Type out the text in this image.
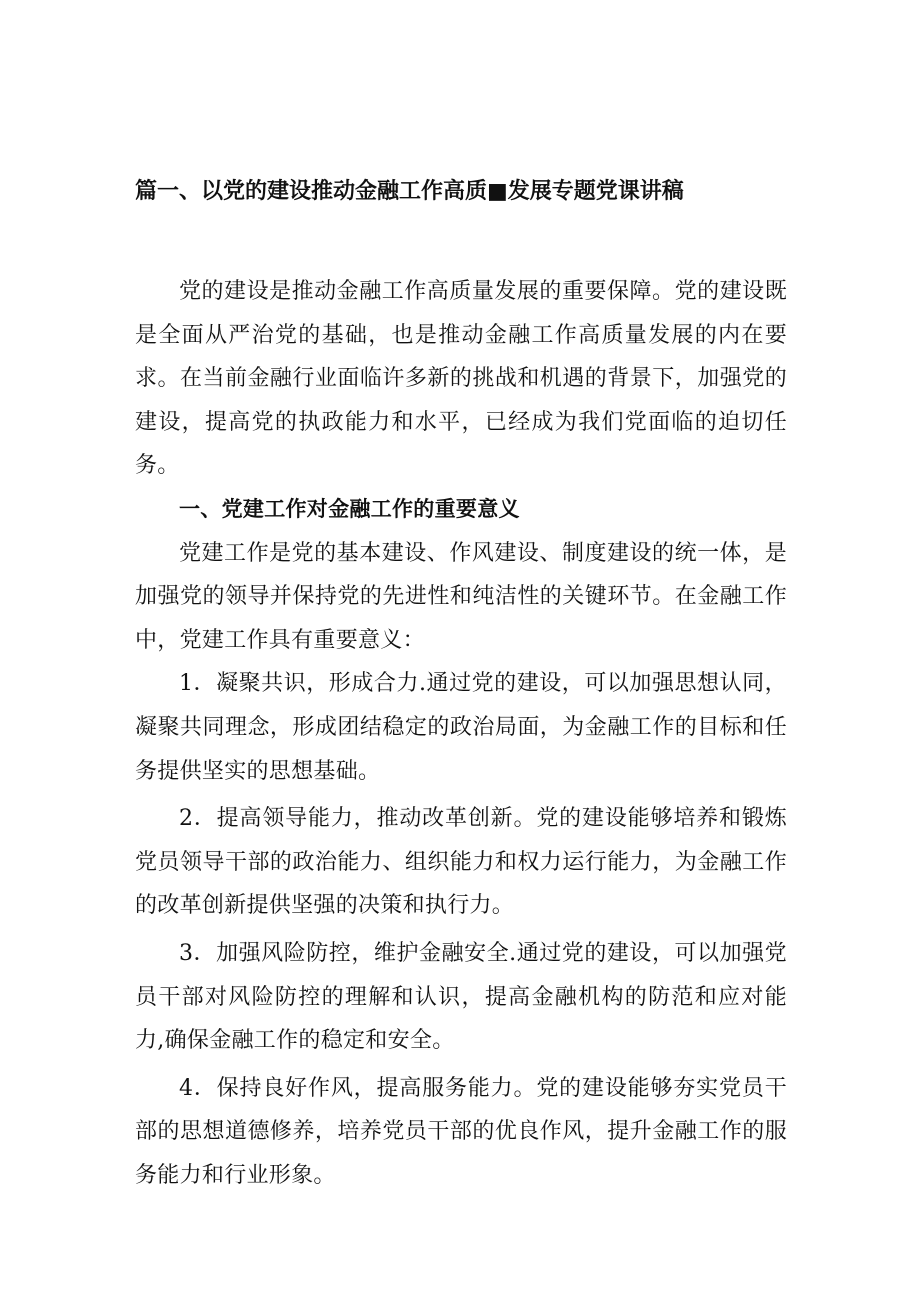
篇一、以党的建设推动金融工作高质■发展专题党课讲稿

党的建设是推动金融工作高质量发展的重要保障。党的建设既是全面从严治党的基础，也是推动金融工作高质量发展的内在要求。在当前金融行业面临许多新的挑战和机遇的背景下，加强党的建设，提高党的执政能力和水平，已经成为我们党面临的迫切任务。

一、党建工作对金融工作的重要意义

党建工作是党的基本建设、作风建设、制度建设的统一体，是加强党的领导并保持党的先进性和纯洁性的关键环节。在金融工作中，党建工作具有重要意义：

1．凝聚共识，形成合力.通过党的建设，可以加强思想认同，凝聚共同理念，形成团结稳定的政治局面，为金融工作的目标和任务提供坚实的思想基础。

2．提高领导能力，推动改革创新。党的建设能够培养和锻炼党员领导干部的政治能力、组织能力和权力运行能力，为金融工作的改革创新提供坚强的决策和执行力。

3．加强风险防控，维护金融安全.通过党的建设，可以加强党员干部对风险防控的理解和认识，提高金融机构的防范和应对能力,确保金融工作的稳定和安全。

4．保持良好作风，提高服务能力。党的建设能够夯实党员干部的思想道德修养，培养党员干部的优良作风，提升金融工作的服务能力和行业形象。
